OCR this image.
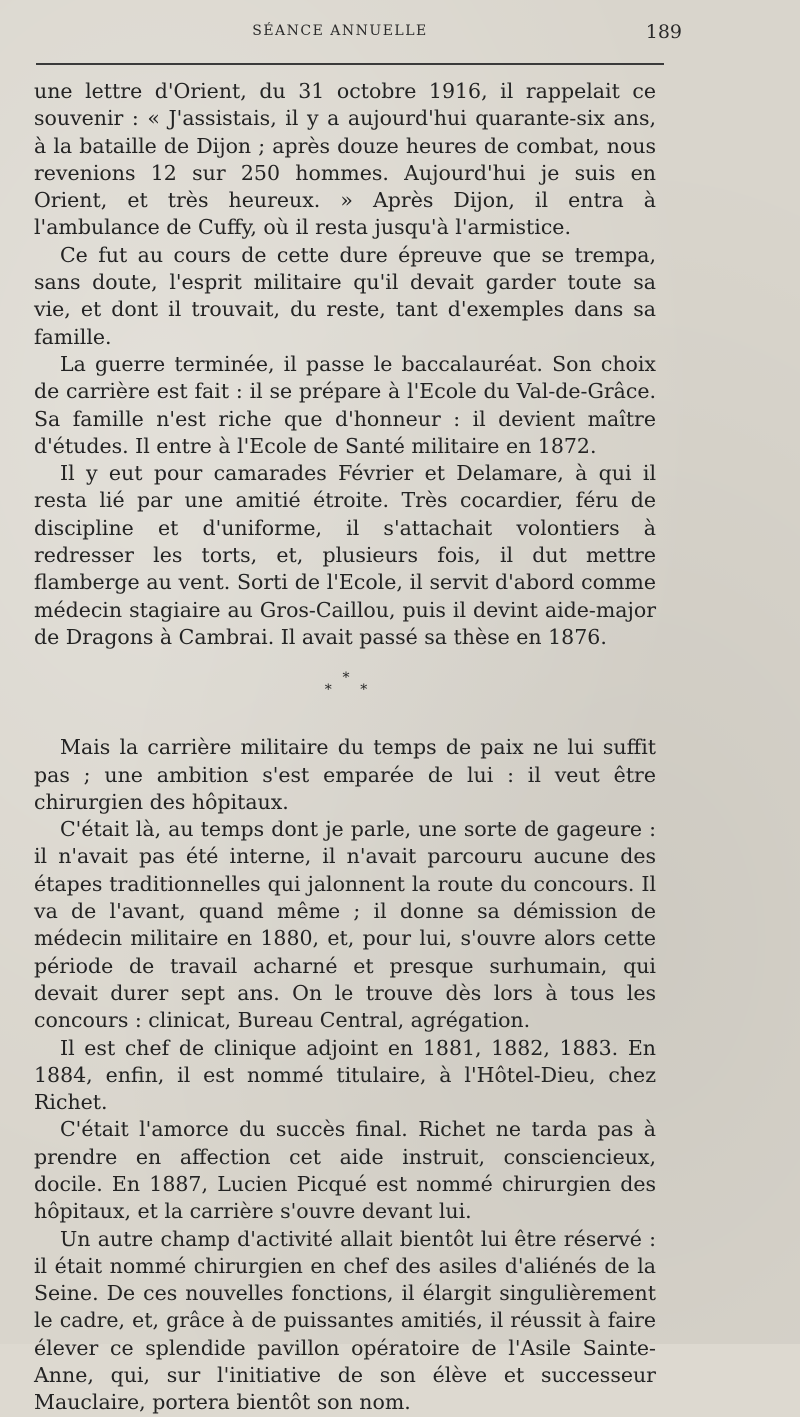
SÉANCE ANNUELLE	189

une lettre d'Orient, du 31 octobre 1916, il rappelait ce souvenir : « J'assistais, il y a aujourd'hui quarante-six ans, à la bataille de Dijon ; après douze heures de combat, nous revenions 12 sur 250 hommes. Aujourd'hui je suis en Orient, et très heureux. » Après Dijon, il entra à l'ambulance de Cuffy, où il resta jusqu'à l'armistice.

Ce fut au cours de cette dure épreuve que se trempa, sans doute, l'esprit militaire qu'il devait garder toute sa vie, et dont il trouvait, du reste, tant d'exemples dans sa famille.

La guerre terminée, il passe le baccalauréat. Son choix de carrière est fait : il se prépare à l'Ecole du Val-de-Grâce. Sa famille n'est riche que d'honneur : il devient maître d'études. Il entre à l'Ecole de Santé militaire en 1872.

Il y eut pour camarades Février et Delamare, à qui il resta lié par une amitié étroite. Très cocardier, féru de discipline et d'uniforme, il s'attachait volontiers à redresser les torts, et, plusieurs fois, il dut mettre flamberge au vent. Sorti de l'Ecole, il servit d'abord comme médecin stagiaire au Gros-Caillou, puis il devint aide-major de Dragons à Cambrai. Il avait passé sa thèse en 1876.

*
* *

Mais la carrière militaire du temps de paix ne lui suffit pas ; une ambition s'est emparée de lui : il veut être chirurgien des hôpitaux.

C'était là, au temps dont je parle, une sorte de gageure : il n'avait pas été interne, il n'avait parcouru aucune des étapes traditionnelles qui jalonnent la route du concours. Il va de l'avant, quand même ; il donne sa démission de médecin militaire en 1880, et, pour lui, s'ouvre alors cette période de travail acharné et presque surhumain, qui devait durer sept ans. On le trouve dès lors à tous les concours : clinicat, Bureau Central, agrégation.

Il est chef de clinique adjoint en 1881, 1882, 1883. En 1884, enfin, il est nommé titulaire, à l'Hôtel-Dieu, chez Richet.

C'était l'amorce du succès final. Richet ne tarda pas à prendre en affection cet aide instruit, consciencieux, docile. En 1887, Lucien Picqué est nommé chirurgien des hôpitaux, et la carrière s'ouvre devant lui.

Un autre champ d'activité allait bientôt lui être réservé : il était nommé chirurgien en chef des asiles d'aliénés de la Seine. De ces nouvelles fonctions, il élargit singulièrement le cadre, et, grâce à de puissantes amitiés, il réussit à faire élever ce splendide pavillon opératoire de l'Asile Sainte-Anne, qui, sur l'initiative de son élève et successeur Mauclaire, portera bientôt son nom.
